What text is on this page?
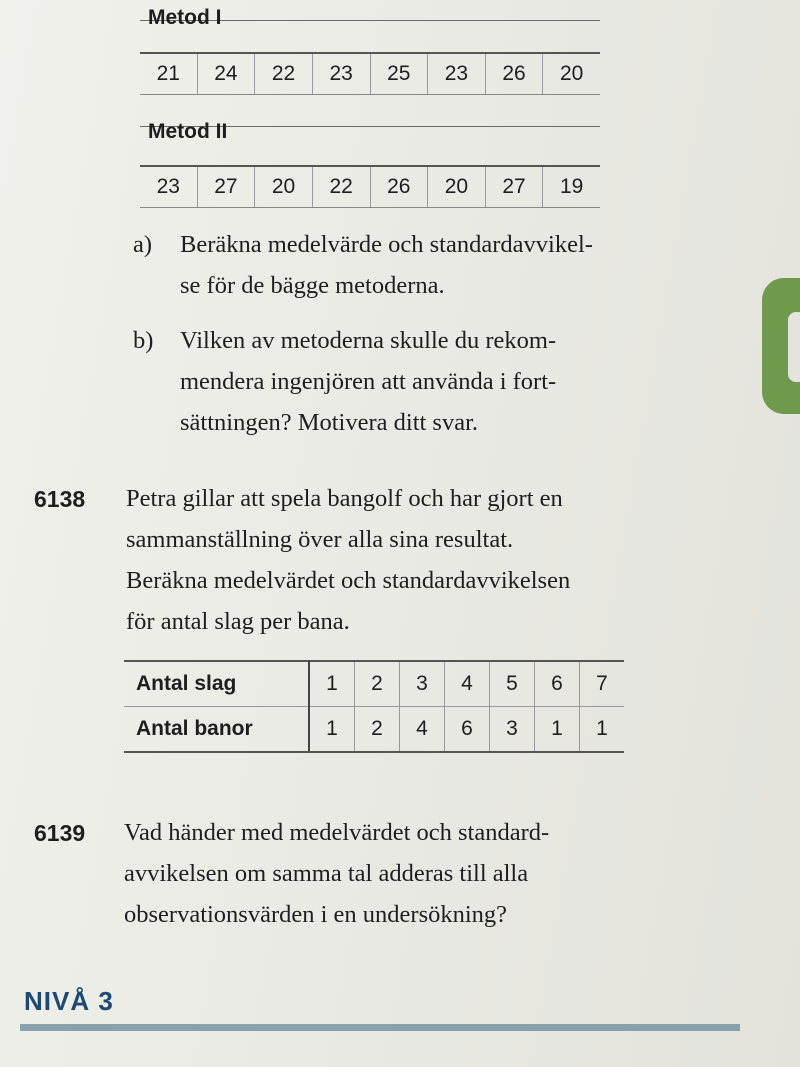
Metod I
21	24	22	23	25	23	26	20
Metod II
23	27	20	22	26	20	27	19
a) Beräkna medelvärde och standardavvikel-
se för de bägge metoderna.
b) Vilken av metoderna skulle du rekom-
mendera ingenjören att använda i fort-
sättningen? Motivera ditt svar.
6138 Petra gillar att spela bangolf och har gjort en
sammanställning över alla sina resultat.
Beräkna medelvärdet och standardavvikelsen
för antal slag per bana.
Antal slag	1	2	3	4	5	6	7
Antal banor	1	2	4	6	3	1	1
6139 Vad händer med medelvärdet och standard-
avvikelsen om samma tal adderas till alla
observationsvärden i en undersökning?
NIVÅ 3
